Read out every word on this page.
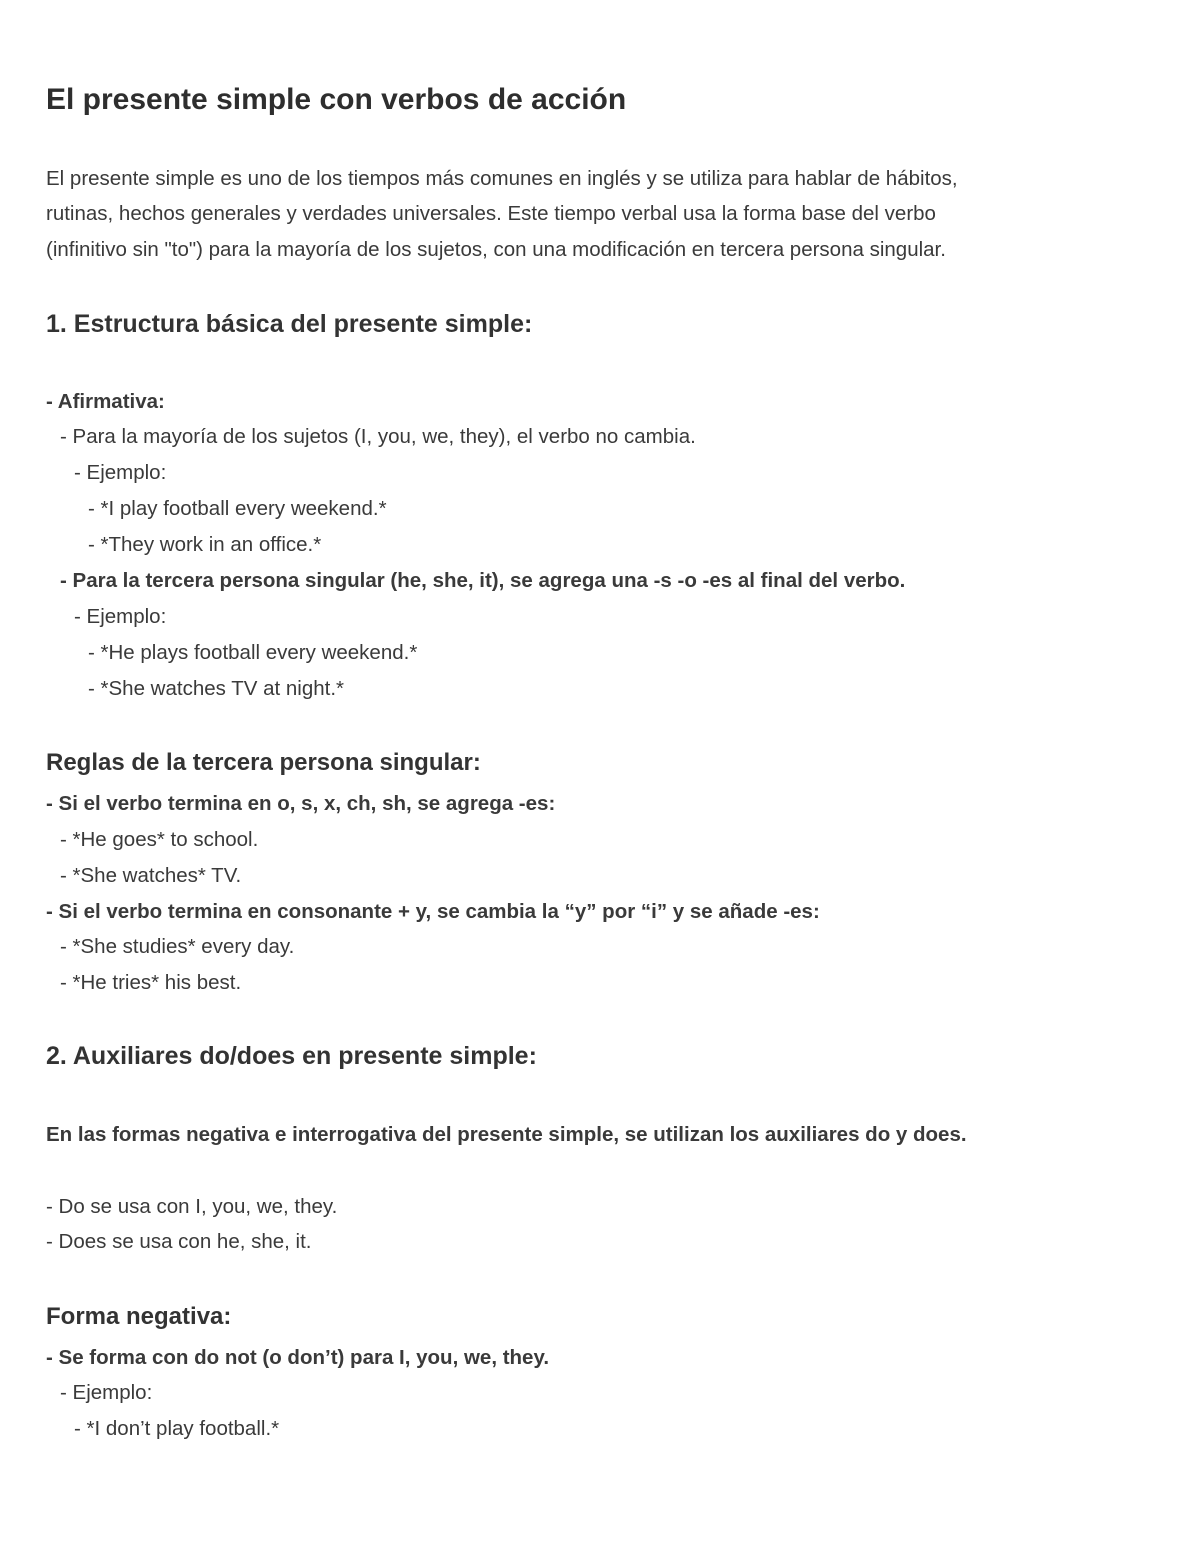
El presente simple con verbos de acción
El presente simple es uno de los tiempos más comunes en inglés y se utiliza para hablar de hábitos,
rutinas, hechos generales y verdades universales. Este tiempo verbal usa la forma base del verbo
(infinitivo sin "to") para la mayoría de los sujetos, con una modificación en tercera persona singular.
1. Estructura básica del presente simple:
- Afirmativa:
- Para la mayoría de los sujetos (I, you, we, they), el verbo no cambia.
- Ejemplo:
- *I play football every weekend.*
- *They work in an office.*
- Para la tercera persona singular (he, she, it), se agrega una -s -o -es al final del verbo.
- Ejemplo:
- *He plays football every weekend.*
- *She watches TV at night.*
Reglas de la tercera persona singular:
- Si el verbo termina en o, s, x, ch, sh, se agrega -es:
- *He goes* to school.
- *She watches* TV.
- Si el verbo termina en consonante + y, se cambia la “y” por “i” y se añade -es:
- *She studies* every day.
- *He tries* his best.
2. Auxiliares do/does en presente simple:
En las formas negativa e interrogativa del presente simple, se utilizan los auxiliares do y does.
- Do se usa con I, you, we, they.
- Does se usa con he, she, it.
Forma negativa:
- Se forma con do not (o don’t) para I, you, we, they.
- Ejemplo:
- *I don’t play football.*
